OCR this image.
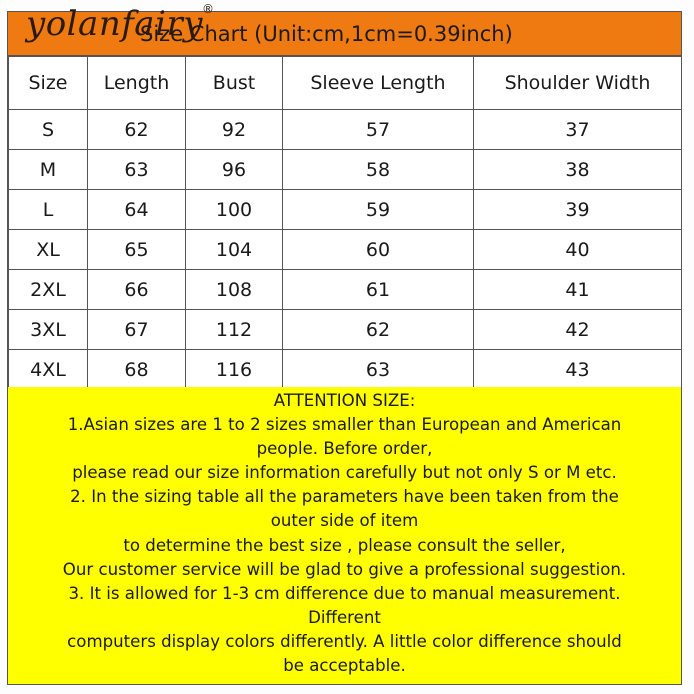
Size Chart (Unit:cm,1cm=0.39inch)
yolanfairy ®
Size	Length	Bust	Sleeve Length	Shoulder Width
S	62	92	57	37
M	63	96	58	38
L	64	100	59	39
XL	65	104	60	40
2XL	66	108	61	41
3XL	67	112	62	42
4XL	68	116	63	43
ATTENTION SIZE:
1.Asian sizes are 1 to 2 sizes smaller than European and American
people. Before order,
please read our size information carefully but not only S or M etc.
2. In the sizing table all the parameters have been taken from the
outer side of item
to determine the best size , please consult the seller,
Our customer service will be glad to give a professional suggestion.
3. It is allowed for 1-3 cm difference due to manual measurement.
Different
computers display colors differently. A little color difference should
be acceptable.
